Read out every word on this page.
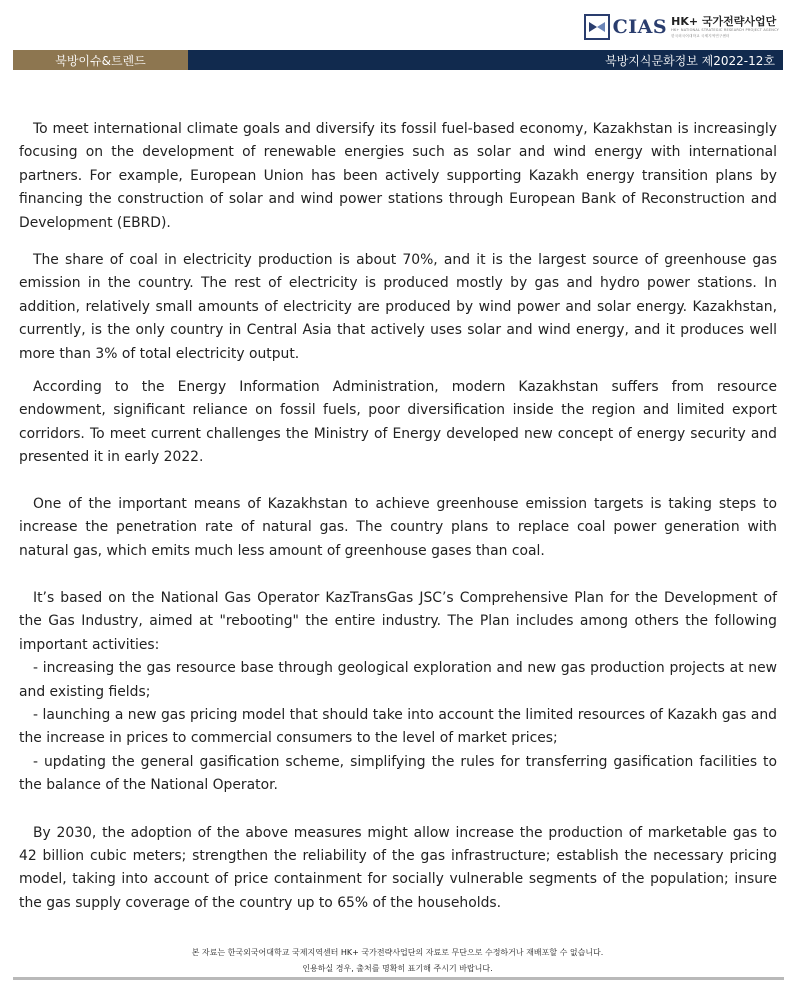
CIAS HK+ 국가전략사업단
HK+ NATIONAL STRATEGIC RESEARCH PROJECT AGENCY
한국외국어대학교 국제지역연구센터
북방이슈&트렌드	북방지식문화정보 제2022-12호

To meet international climate goals and diversify its fossil fuel-based economy, Kazakhstan is increasingly focusing on the development of renewable energies such as solar and wind energy with international partners. For example, European Union has been actively supporting Kazakh energy transition plans by financing the construction of solar and wind power stations through European Bank of Reconstruction and Development (EBRD).

The share of coal in electricity production is about 70%, and it is the largest source of greenhouse gas emission in the country. The rest of electricity is produced mostly by gas and hydro power stations. In addition, relatively small amounts of electricity are produced by wind power and solar energy. Kazakhstan, currently, is the only country in Central Asia that actively uses solar and wind energy, and it produces well more than 3% of total electricity output.

According to the Energy Information Administration, modern Kazakhstan suffers from resource endowment, significant reliance on fossil fuels, poor diversification inside the region and limited export corridors. To meet current challenges the Ministry of Energy developed new concept of energy security and presented it in early 2022.

One of the important means of Kazakhstan to achieve greenhouse emission targets is taking steps to increase the penetration rate of natural gas. The country plans to replace coal power generation with natural gas, which emits much less amount of greenhouse gases than coal.

It’s based on the National Gas Operator KazTransGas JSC’s Comprehensive Plan for the Development of the Gas Industry, aimed at "rebooting" the entire industry. The Plan includes among others the following important activities:

- increasing the gas resource base through geological exploration and new gas production projects at new and existing fields;

- launching a new gas pricing model that should take into account the limited resources of Kazakh gas and the increase in prices to commercial consumers to the level of market prices;

- updating the general gasification scheme, simplifying the rules for transferring gasification facilities to the balance of the National Operator.

By 2030, the adoption of the above measures might allow increase the production of marketable gas to 42 billion cubic meters; strengthen the reliability of the gas infrastructure; establish the necessary pricing model, taking into account of price containment for socially vulnerable segments of the population; insure the gas supply coverage of the country up to 65% of the households.

본 자료는 한국외국어대학교 국제지역센터 HK+ 국가전략사업단의 자료로 무단으로 수정하거나 재배포할 수 없습니다.
인용하실 경우, 출처를 명확히 표기해 주시기 바랍니다.
